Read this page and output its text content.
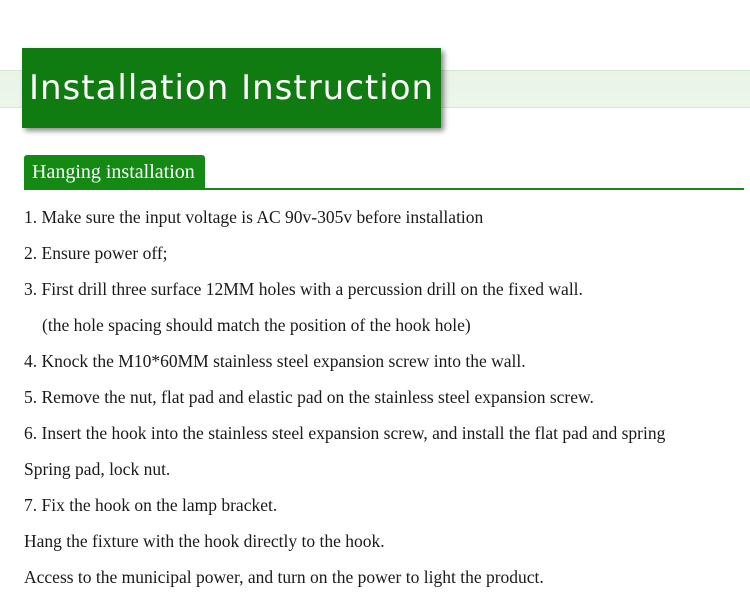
Installation Instruction
Hanging installation
1. Make sure the input voltage is AC 90v-305v before installation
2. Ensure power off;
3. First drill three surface 12MM holes with a percussion drill on the fixed wall.
(the hole spacing should match the position of the hook hole)
4. Knock the M10*60MM stainless steel expansion screw into the wall.
5. Remove the nut, flat pad and elastic pad on the stainless steel expansion screw.
6. Insert the hook into the stainless steel expansion screw, and install the flat pad and spring
Spring pad, lock nut.
7. Fix the hook on the lamp bracket.
Hang the fixture with the hook directly to the hook.
Access to the municipal power, and turn on the power to light the product.
